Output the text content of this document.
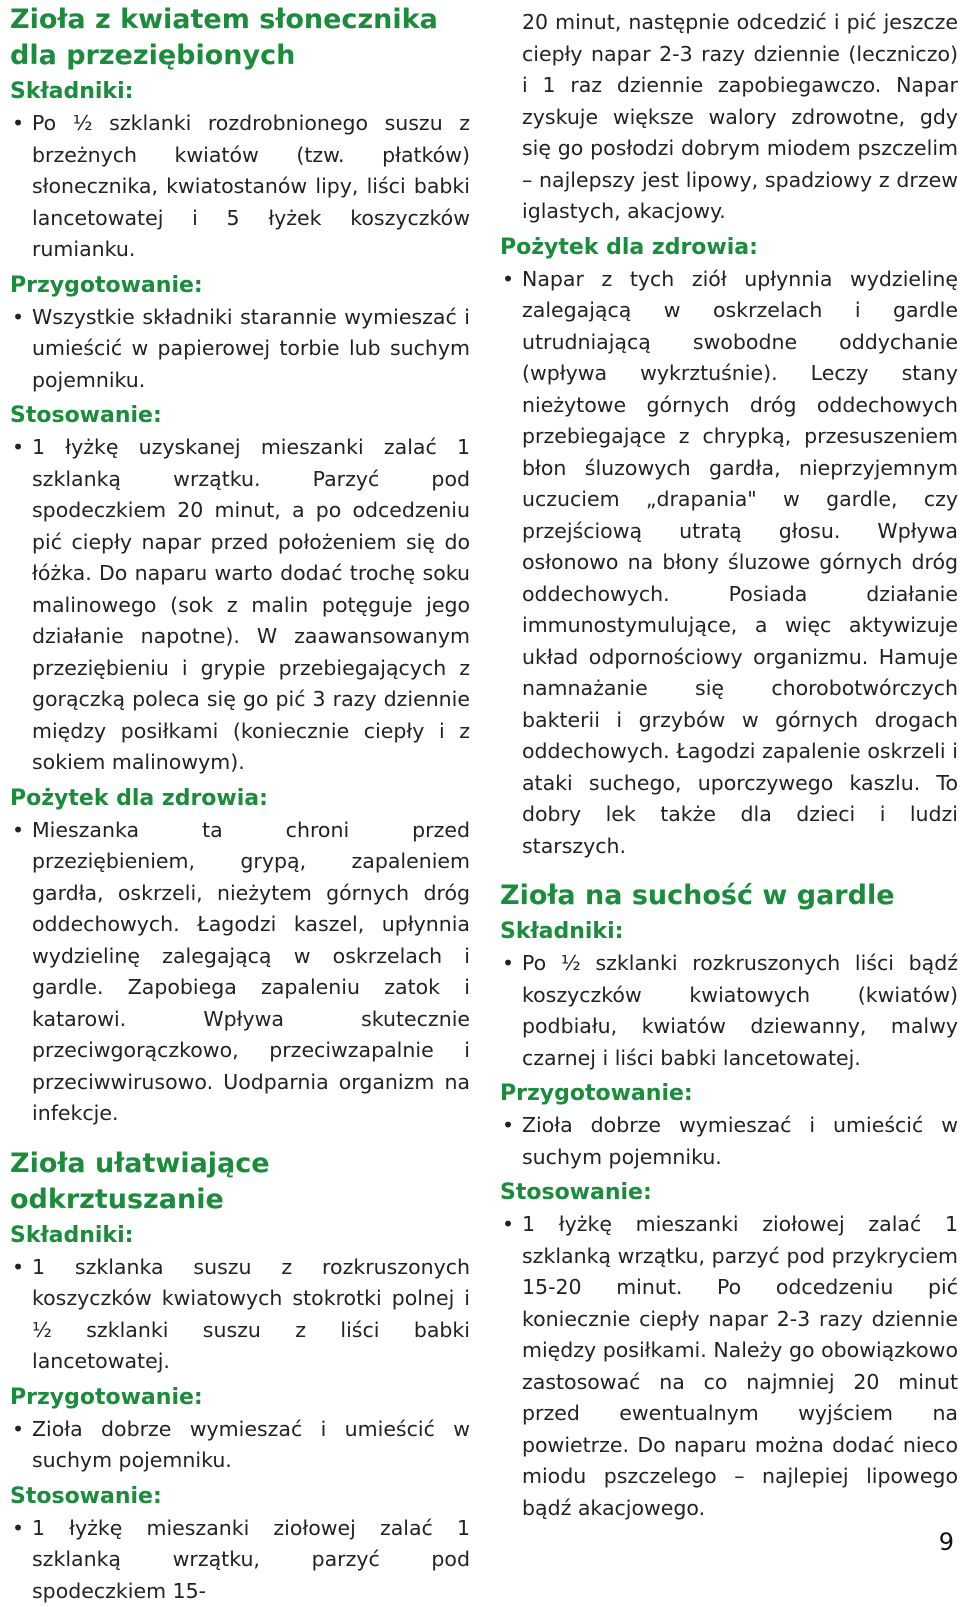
Zioła z kwiatem słonecznika dla przeziębionych
Składniki:
• Po ½ szklanki rozdrobnionego suszu z brzeżnych kwiatów (tzw. płatków) słonecznika, kwiatostanów lipy, liści babki lancetowatej i 5 łyżek koszyczków rumianku.
Przygotowanie:
• Wszystkie składniki starannie wymieszać i umieścić w papierowej torbie lub suchym pojemniku.
Stosowanie:
• 1 łyżkę uzyskanej mieszanki zalać 1 szklanką wrzątku. Parzyć pod spodeczkiem 20 minut, a po odcedzeniu pić ciepły napar przed położeniem się do łóżka. Do naparu warto dodać trochę soku malinowego (sok z malin potęguje jego działanie napotne). W zaawansowanym przeziębieniu i grypie przebiegających z gorączką poleca się go pić 3 razy dziennie między posiłkami (koniecznie ciepły i z sokiem malinowym).
Pożytek dla zdrowia:
• Mieszanka ta chroni przed przeziębieniem, grypą, zapaleniem gardła, oskrzeli, nieżytem górnych dróg oddechowych. Łagodzi kaszel, upłynnia wydzielinę zalegającą w oskrzelach i gardle. Zapobiega zapaleniu zatok i katarowi. Wpływa skutecznie przeciwgorączkowo, przeciwzapalnie i przeciwwirusowo. Uodparnia organizm na infekcje.
Zioła ułatwiające odkrztuszanie
Składniki:
• 1 szklanka suszu z rozkruszonych koszyczków kwiatowych stokrotki polnej i ½ szklanki suszu z liści babki lancetowatej.
Przygotowanie:
• Zioła dobrze wymieszać i umieścić w suchym pojemniku.
Stosowanie:
• 1 łyżkę mieszanki ziołowej zalać 1 szklanką wrzątku, parzyć pod spodeczkiem 15-
20 minut, następnie odcedzić i pić jeszcze ciepły napar 2-3 razy dziennie (leczniczo) i 1 raz dziennie zapobiegawczo. Napar zyskuje większe walory zdrowotne, gdy się go posłodzi dobrym miodem pszczelim – najlepszy jest lipowy, spadziowy z drzew iglastych, akacjowy.
Pożytek dla zdrowia:
• Napar z tych ziół upłynnia wydzielinę zalegającą w oskrzelach i gardle utrudniającą swobodne oddychanie (wpływa wykrztuśnie). Leczy stany nieżytowe górnych dróg oddechowych przebiegające z chrypką, przesuszeniem błon śluzowych gardła, nieprzyjemnym uczuciem „drapania" w gardle, czy przejściową utratą głosu. Wpływa osłonowo na błony śluzowe górnych dróg oddechowych. Posiada działanie immunostymulujące, a więc aktywizuje układ odpornościowy organizmu. Hamuje namnażanie się chorobotwórczych bakterii i grzybów w górnych drogach oddechowych. Łagodzi zapalenie oskrzeli i ataki suchego, uporczywego kaszlu. To dobry lek także dla dzieci i ludzi starszych.
Zioła na suchość w gardle
Składniki:
• Po ½ szklanki rozkruszonych liści bądź koszyczków kwiatowych (kwiatów) podbiału, kwiatów dziewanny, malwy czarnej i liści babki lancetowatej.
Przygotowanie:
• Zioła dobrze wymieszać i umieścić w suchym pojemniku.
Stosowanie:
• 1 łyżkę mieszanki ziołowej zalać 1 szklanką wrzątku, parzyć pod przykryciem 15-20 minut. Po odcedzeniu pić koniecznie ciepły napar 2-3 razy dziennie między posiłkami. Należy go obowiązkowo zastosować na co najmniej 20 minut przed ewentualnym wyjściem na powietrze. Do naparu można dodać nieco miodu pszczelego – najlepiej lipowego bądź akacjowego.
9
